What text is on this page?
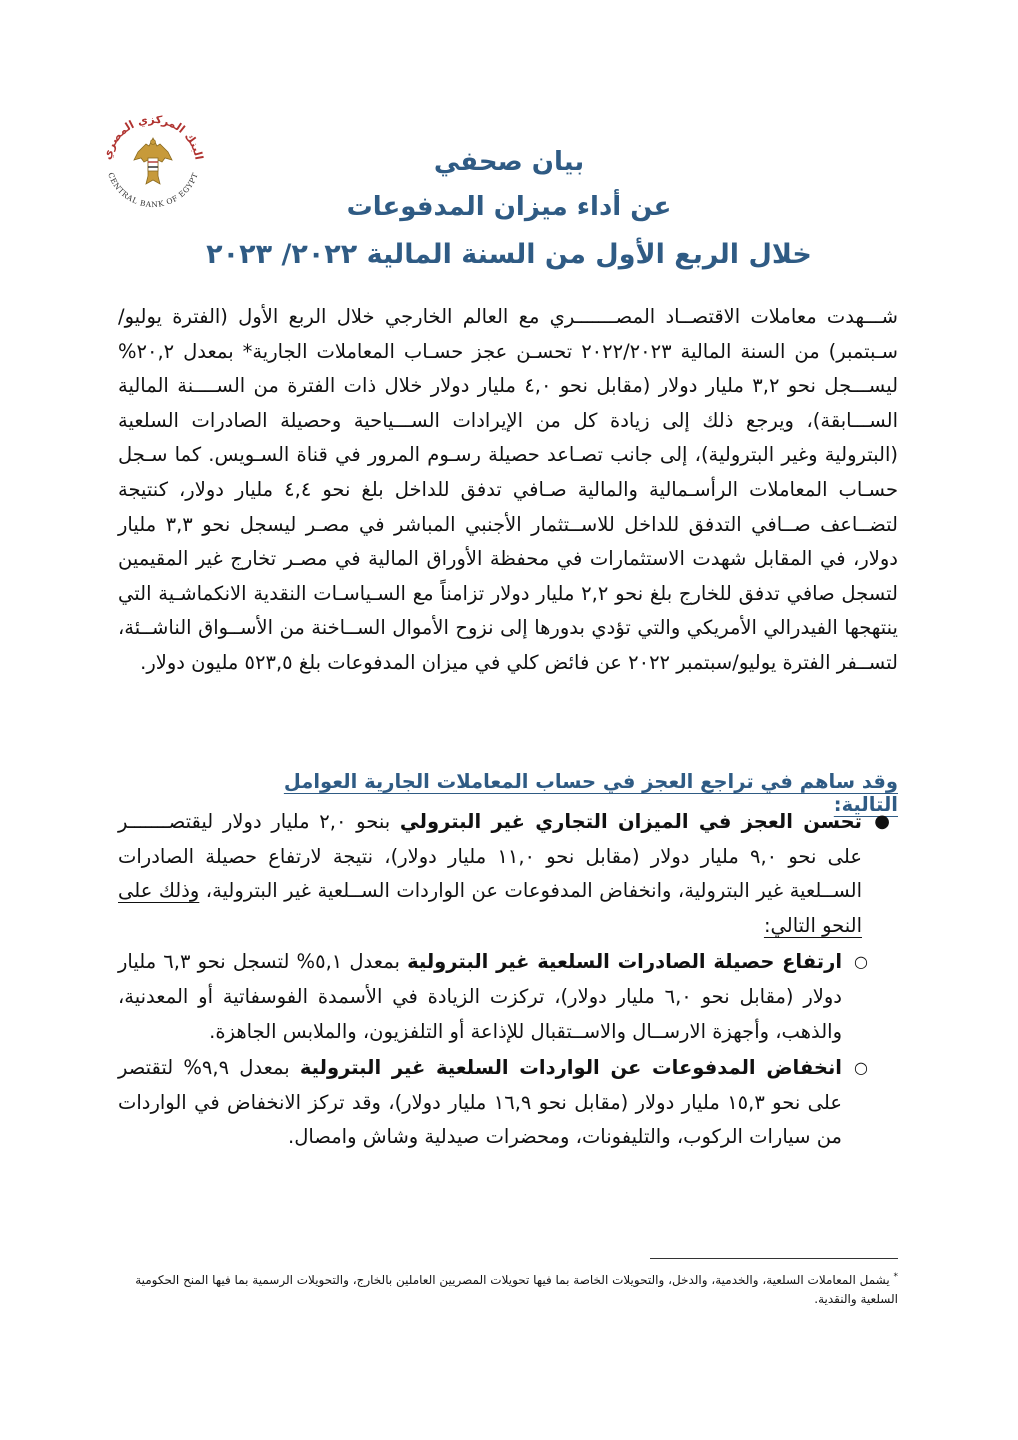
البنك المركزي المصري
CENTRAL BANK OF EGYPT	بيان صحفي
عن أداء ميزان المدفوعات
خلال الربع الأول من السنة المالية ٢٠٢٢/ ٢٠٢٣

شـــهدت معاملات الاقتصــاد المصـــــــري مع العالم الخارجي خلال الربع الأول (الفترة يوليو/سـبتمبر) من السنة المالية ٢٠٢٢/٢٠٢٣ تحسـن عجز حسـاب المعاملات الجارية* بمعدل ٢٠,٢% ليســـجل نحو ٣,٢ مليار دولار (مقابل نحو ٤,٠ مليار دولار خلال ذات الفترة من الســــنة المالية الســـابقة)، ويرجع ذلك إلى زيادة كل من الإيرادات الســـياحية وحصيلة الصادرات السلعية (البترولية وغير البترولية)، إلى جانب تصـاعد حصيلة رسـوم المرور في قناة السـويس. كما سـجل حسـاب المعاملات الرأسـمالية والمالية صـافي تدفق للداخل بلغ نحو ٤,٤ مليار دولار، كنتيجة لتضــاعف صــافي التدفق للداخل للاســتثمار الأجنبي المباشر في مصـر ليسجل نحو ٣,٣ مليار دولار، في المقابل شهدت الاستثمارات في محفظة الأوراق المالية في مصـر تخارج غير المقيمين لتسجل صافي تدفق للخارج بلغ نحو ٢,٢ مليار دولار تزامناً مع السـياسـات النقدية الانكماشـية التي ينتهجها الفيدرالي الأمريكي والتي تؤدي بدورها إلى نزوح الأموال الســاخنة من الأســواق الناشــئة، لتســفر الفترة يوليو/سبتمبر ٢٠٢٢ عن فائض كلي في ميزان المدفوعات بلغ ٥٢٣,٥ مليون دولار.

وقد ساهم في تراجع العجز في حساب المعاملات الجارية العوامل التالية:
●
تحسن العجز في الميزان التجاري غير البترولي بنحو ٢,٠ مليار دولار ليقتصـــــــر على نحو ٩,٠ مليار دولار (مقابل نحو ١١,٠ مليار دولار)، نتيجة لارتفاع حصيلة الصادرات الســلعية غير البترولية، وانخفاض المدفوعات عن الواردات الســلعية غير البترولية، وذلك على النحو التالي:
○
ارتفاع حصيلة الصادرات السلعية غير البترولية بمعدل ٥,١% لتسجل نحو ٦,٣ مليار دولار (مقابل نحو ٦,٠ مليار دولار)، تركزت الزيادة في الأسمدة الفوسفاتية أو المعدنية، والذهب، وأجهزة الارســال والاســتقبال للإذاعة أو التلفزيون، والملابس الجاهزة.
○
انخفاض المدفوعات عن الواردات السلعية غير البترولية بمعدل ٩,٩% لتقتصر على نحو ١٥,٣ مليار دولار (مقابل نحو ١٦,٩ مليار دولار)، وقد تركز الانخفاض في الواردات من سيارات الركوب، والتليفونات، ومحضرات صيدلية وشاش وامصال.
* يشمل المعاملات السلعية، والخدمية، والدخل، والتحويلات الخاصة بما فيها تحويلات المصريين العاملين بالخارج، والتحويلات الرسمية بما فيها المنح الحكومية السلعية والنقدية.
